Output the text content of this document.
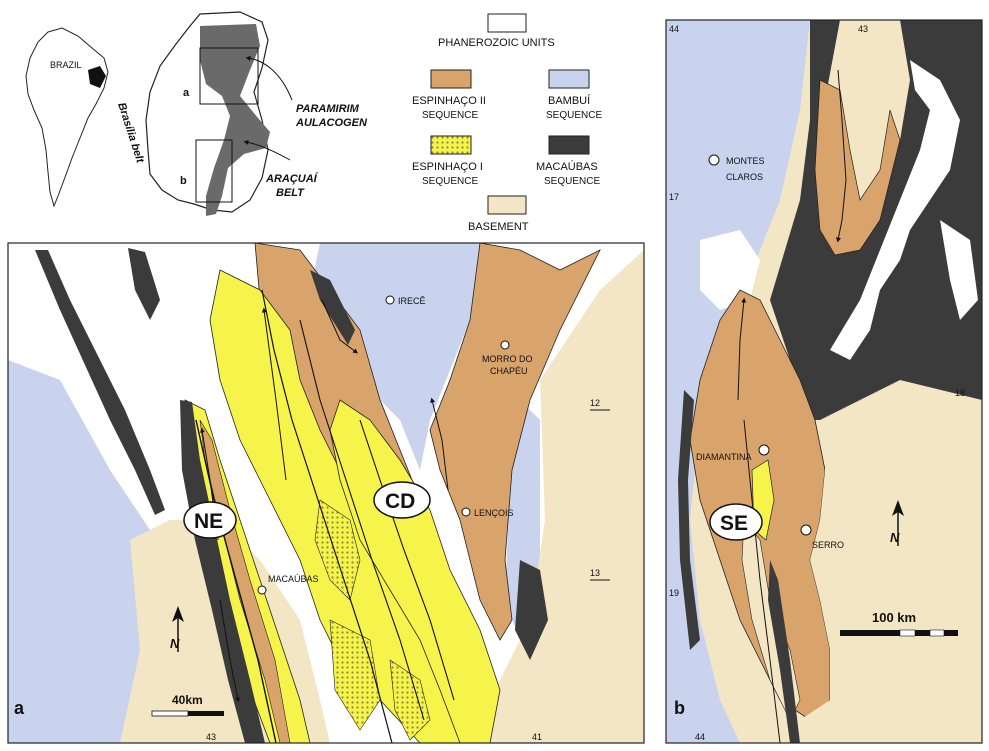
BRAZIL
a
b
Brasília belt	PARAMIRIM
AULACOGEN
ARAÇUAÍ
BELT
PHANEROZOIC UNITS
ESPINHAÇO II
SEQUENCE
BAMBUÍ
SEQUENCE
ESPINHAÇO I
SEQUENCE
MACAÚBAS
SEQUENCE
BASEMENT
12
13
43	41
IRECÊ
MORRO DO
CHAPÉU
LENÇOIS
MACAÚBAS
NE
CD
N
40km
a
44	43
17
18
19
44
MONTES
CLAROS
DIAMANTINA
SERRO
SE
N
100 km
b
